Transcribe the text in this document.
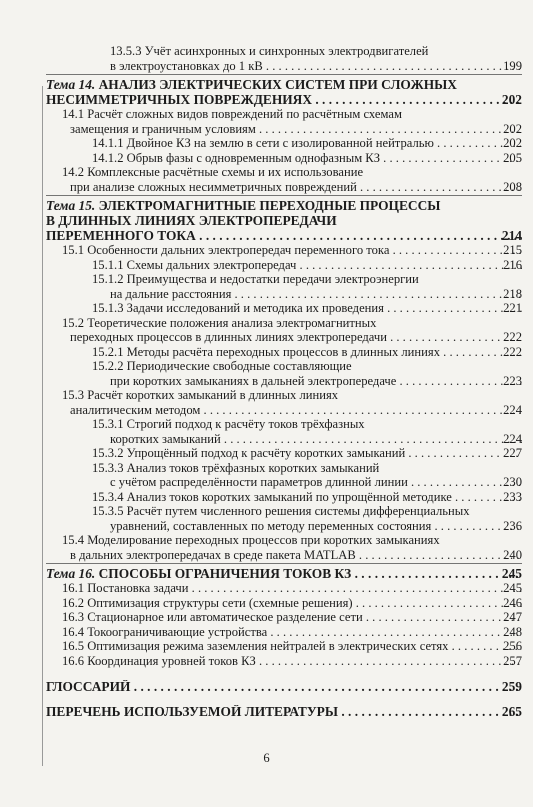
13.5.3 Учёт асинхронных и синхронных электродвигателей
в электроустановках до 1 кВ . . .	199
Тема 14. АНАЛИЗ ЭЛЕКТРИЧЕСКИХ СИСТЕМ ПРИ СЛОЖНЫХ
НЕСИММЕТРИЧНЫХ ПОВРЕЖДЕНИЯХ . . .	202
14.1 Расчёт сложных видов повреждений по расчётным схемам
замещения и граничным условиям . . .	202
14.1.1 Двойное КЗ на землю в сети с изолированной нейтралью . . .	202
14.1.2 Обрыв фазы с одновременным однофазным КЗ . . .	205
14.2 Комплексные расчётные схемы и их использование
при анализе сложных несимметричных повреждений . . .	208
Тема 15. ЭЛЕКТРОМАГНИТНЫЕ ПЕРЕХОДНЫЕ ПРОЦЕССЫ
В ДЛИННЫХ ЛИНИЯХ ЭЛЕКТРОПЕРЕДАЧИ
ПЕРЕМЕННОГО ТОКА . . .	214
15.1 Особенности дальних электропередач переменного тока . . .	215
15.1.1 Схемы дальних электропередач . . .	216
15.1.2 Преимущества и недостатки передачи электроэнергии
на дальние расстояния . . .	218
15.1.3 Задачи исследований и методика их проведения . . .	221
15.2 Теоретические положения анализа электромагнитных
переходных процессов в длинных линиях электропередачи . . .	222
15.2.1 Методы расчёта переходных процессов в длинных линиях . . .	222
15.2.2 Периодические свободные составляющие
при коротких замыканиях в дальней электропередаче . . .	223
15.3 Расчёт коротких замыканий в длинных линиях
аналитическим методом . . .	224
15.3.1 Строгий подход к расчёту токов трёхфазных
коротких замыканий . . .	224
15.3.2 Упрощённый подход к расчёту коротких замыканий . . .	227
15.3.3 Анализ токов трёхфазных коротких замыканий
с учётом распределённости параметров длинной линии . . .	230
15.3.4 Анализ токов коротких замыканий по упрощённой методике . . .	233
15.3.5 Расчёт путем численного решения системы дифференциальных
уравнений, составленных по методу переменных состояния . . .	236
15.4 Моделирование переходных процессов при коротких замыканиях
в дальних электропередачах в среде пакета MATLAB . . .	240
Тема 16. СПОСОБЫ ОГРАНИЧЕНИЯ ТОКОВ КЗ . . .	245
16.1 Постановка задачи . . .	245
16.2 Оптимизация структуры сети (схемные решения) . . .	246
16.3 Стационарное или автоматическое разделение сети . . .	247
16.4 Токоограничивающие устройства . . .	248
16.5 Оптимизация режима заземления нейтралей в электрических сетях . . .	256
16.6 Координация уровней токов КЗ . . .	257
ГЛОССАРИЙ . . .	259
ПЕРЕЧЕНЬ ИСПОЛЬЗУЕМОЙ ЛИТЕРАТУРЫ . . .	265
6
